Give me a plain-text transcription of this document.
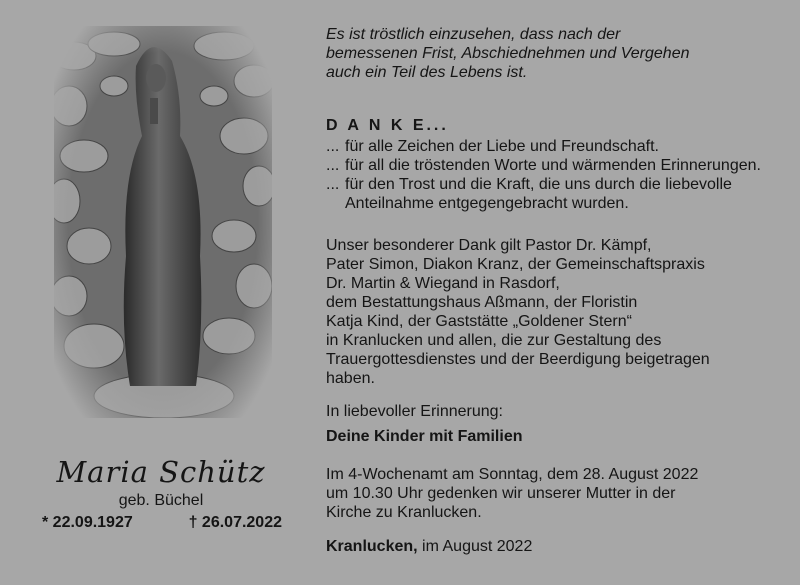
Maria Schütz
geb. Büchel
* 22.09.1927	† 26.07.2022
Es ist tröstlich einzusehen, dass nach der
bemessenen Frist, Abschiednehmen und Vergehen
auch ein Teil des Lebens ist.
D A N K E...
... für alle Zeichen der Liebe und Freundschaft.
... für all die tröstenden Worte und wärmenden Erinnerungen.
... für den Trost und die Kraft, die uns durch die liebevolle Anteilnahme entgegengebracht wurden.
Unser besonderer Dank gilt Pastor Dr. Kämpf,
Pater Simon, Diakon Kranz, der Gemeinschaftspraxis
Dr. Martin & Wiegand in Rasdorf,
dem Bestattungshaus Aßmann, der Floristin
Katja Kind, der Gaststätte „Goldener Stern“
in Kranlucken und allen, die zur Gestaltung des
Trauergottesdienstes und der Beerdigung beigetragen
haben.
In liebevoller Erinnerung:
Deine Kinder mit Familien
Im 4-Wochenamt am Sonntag, dem 28. August 2022
um 10.30 Uhr gedenken wir unserer Mutter in der
Kirche zu Kranlucken.
Kranlucken, im August 2022
